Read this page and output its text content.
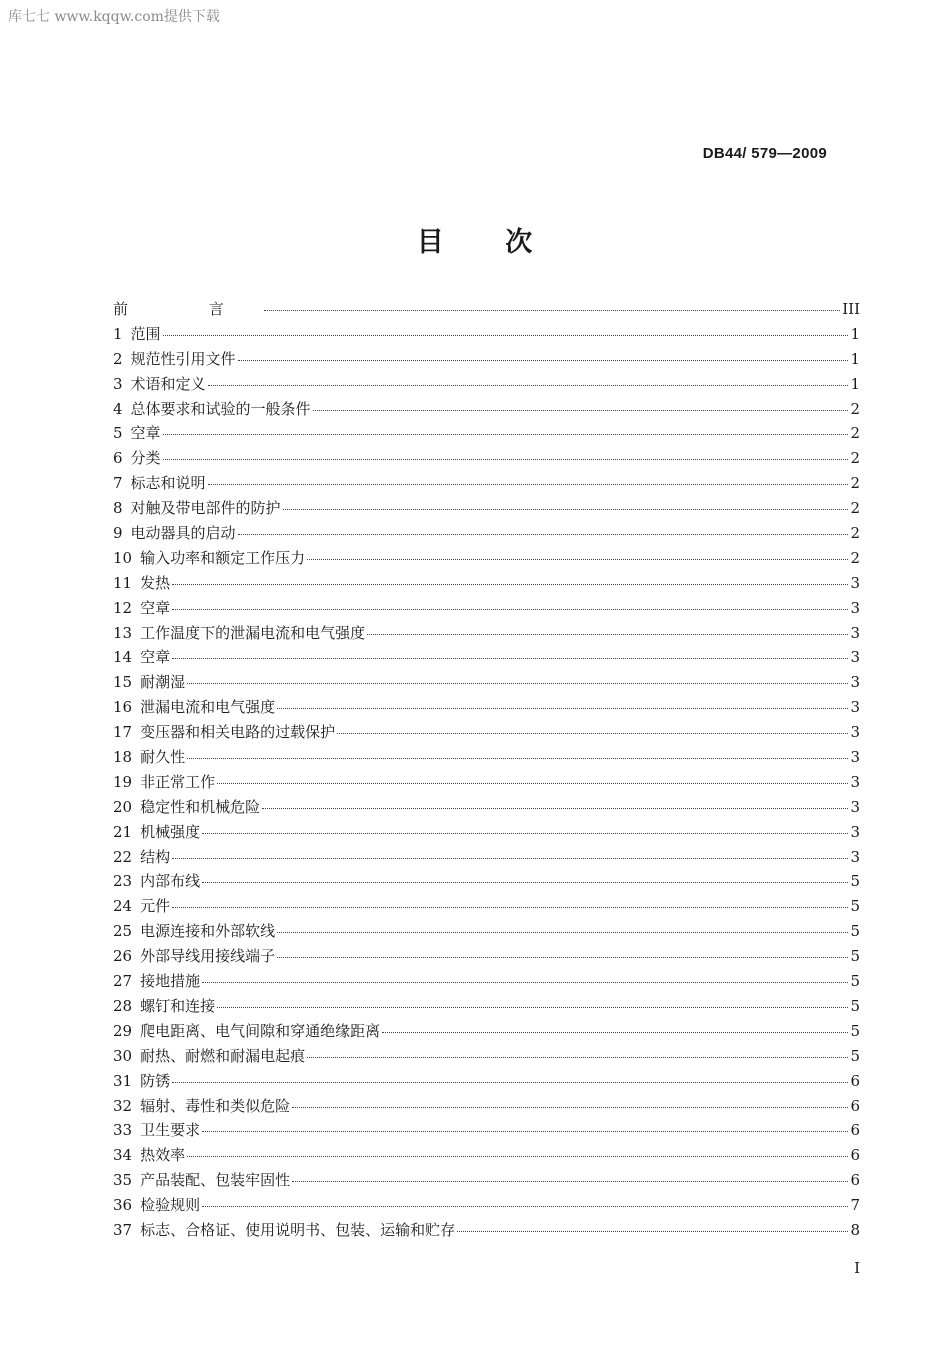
库七七 www.kqqw.com提供下载
DB44/ 579—2009
目 次
前 言	III
1 范围	1
2 规范性引用文件	1
3 术语和定义	1
4 总体要求和试验的一般条件	2
5 空章	2
6 分类	2
7 标志和说明	2
8 对触及带电部件的防护	2
9 电动器具的启动	2
10 输入功率和额定工作压力	2
11 发热	3
12 空章	3
13 工作温度下的泄漏电流和电气强度	3
14 空章	3
15 耐潮湿	3
16 泄漏电流和电气强度	3
17 变压器和相关电路的过载保护	3
18 耐久性	3
19 非正常工作	3
20 稳定性和机械危险	3
21 机械强度	3
22 结构	3
23 内部布线	5
24 元件	5
25 电源连接和外部软线	5
26 外部导线用接线端子	5
27 接地措施	5
28 螺钉和连接	5
29 爬电距离、电气间隙和穿通绝缘距离	5
30 耐热、耐燃和耐漏电起痕	5
31 防锈	6
32 辐射、毒性和类似危险	6
33 卫生要求	6
34 热效率	6
35 产品装配、包装牢固性	6
36 检验规则	7
37 标志、合格证、使用说明书、包装、运输和贮存	8
I
